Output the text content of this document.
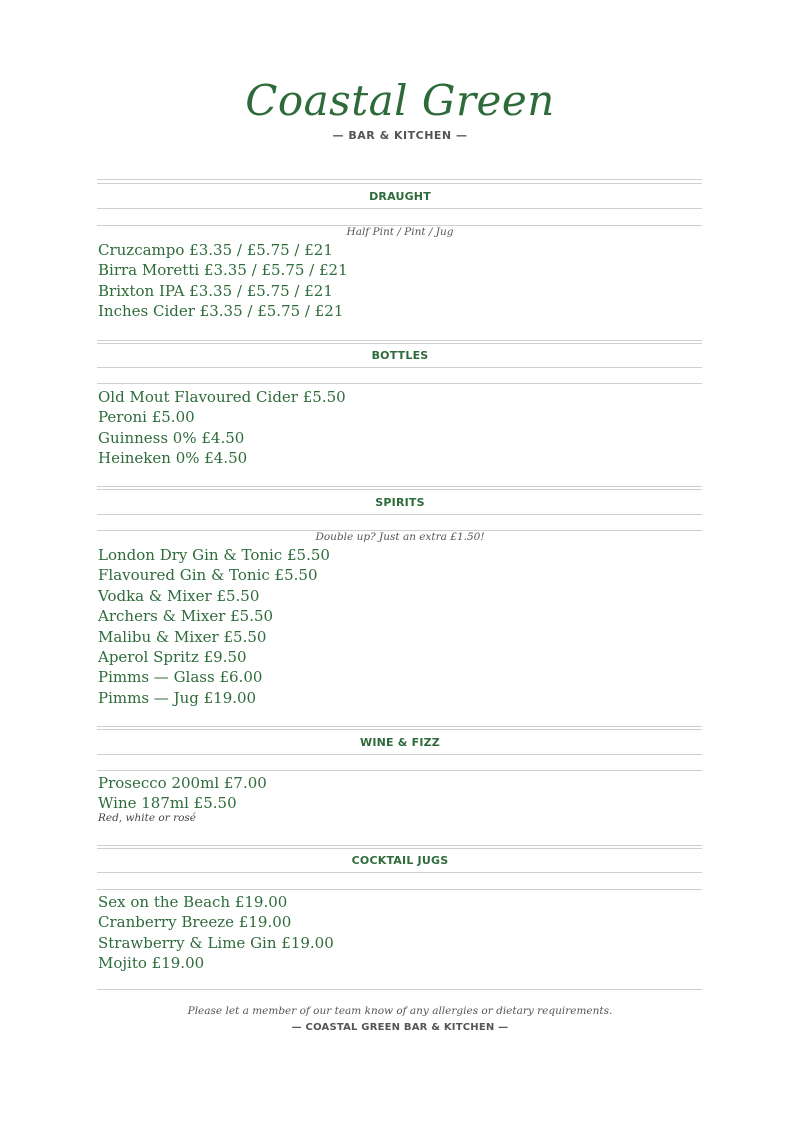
Coastal Green
— BAR & KITCHEN —
DRAUGHT
Half Pint / Pint / Jug
Cruzcampo £3.35 / £5.75 / £21
Birra Moretti £3.35 / £5.75 / £21
Brixton IPA £3.35 / £5.75 / £21
Inches Cider £3.35 / £5.75 / £21
BOTTLES
Old Mout Flavoured Cider £5.50
Peroni £5.00
Guinness 0% £4.50
Heineken 0% £4.50
SPIRITS
Double up? Just an extra £1.50!
London Dry Gin & Tonic £5.50
Flavoured Gin & Tonic £5.50
Vodka & Mixer £5.50
Archers & Mixer £5.50
Malibu & Mixer £5.50
Aperol Spritz £9.50
Pimms — Glass £6.00
Pimms — Jug £19.00
WINE & FIZZ
Prosecco 200ml £7.00
Wine 187ml £5.50
Red, white or rosé
COCKTAIL JUGS
Sex on the Beach £19.00
Cranberry Breeze £19.00
Strawberry & Lime Gin £19.00
Mojito £19.00
Please let a member of our team know of any allergies or dietary requirements.
— COASTAL GREEN BAR & KITCHEN —
